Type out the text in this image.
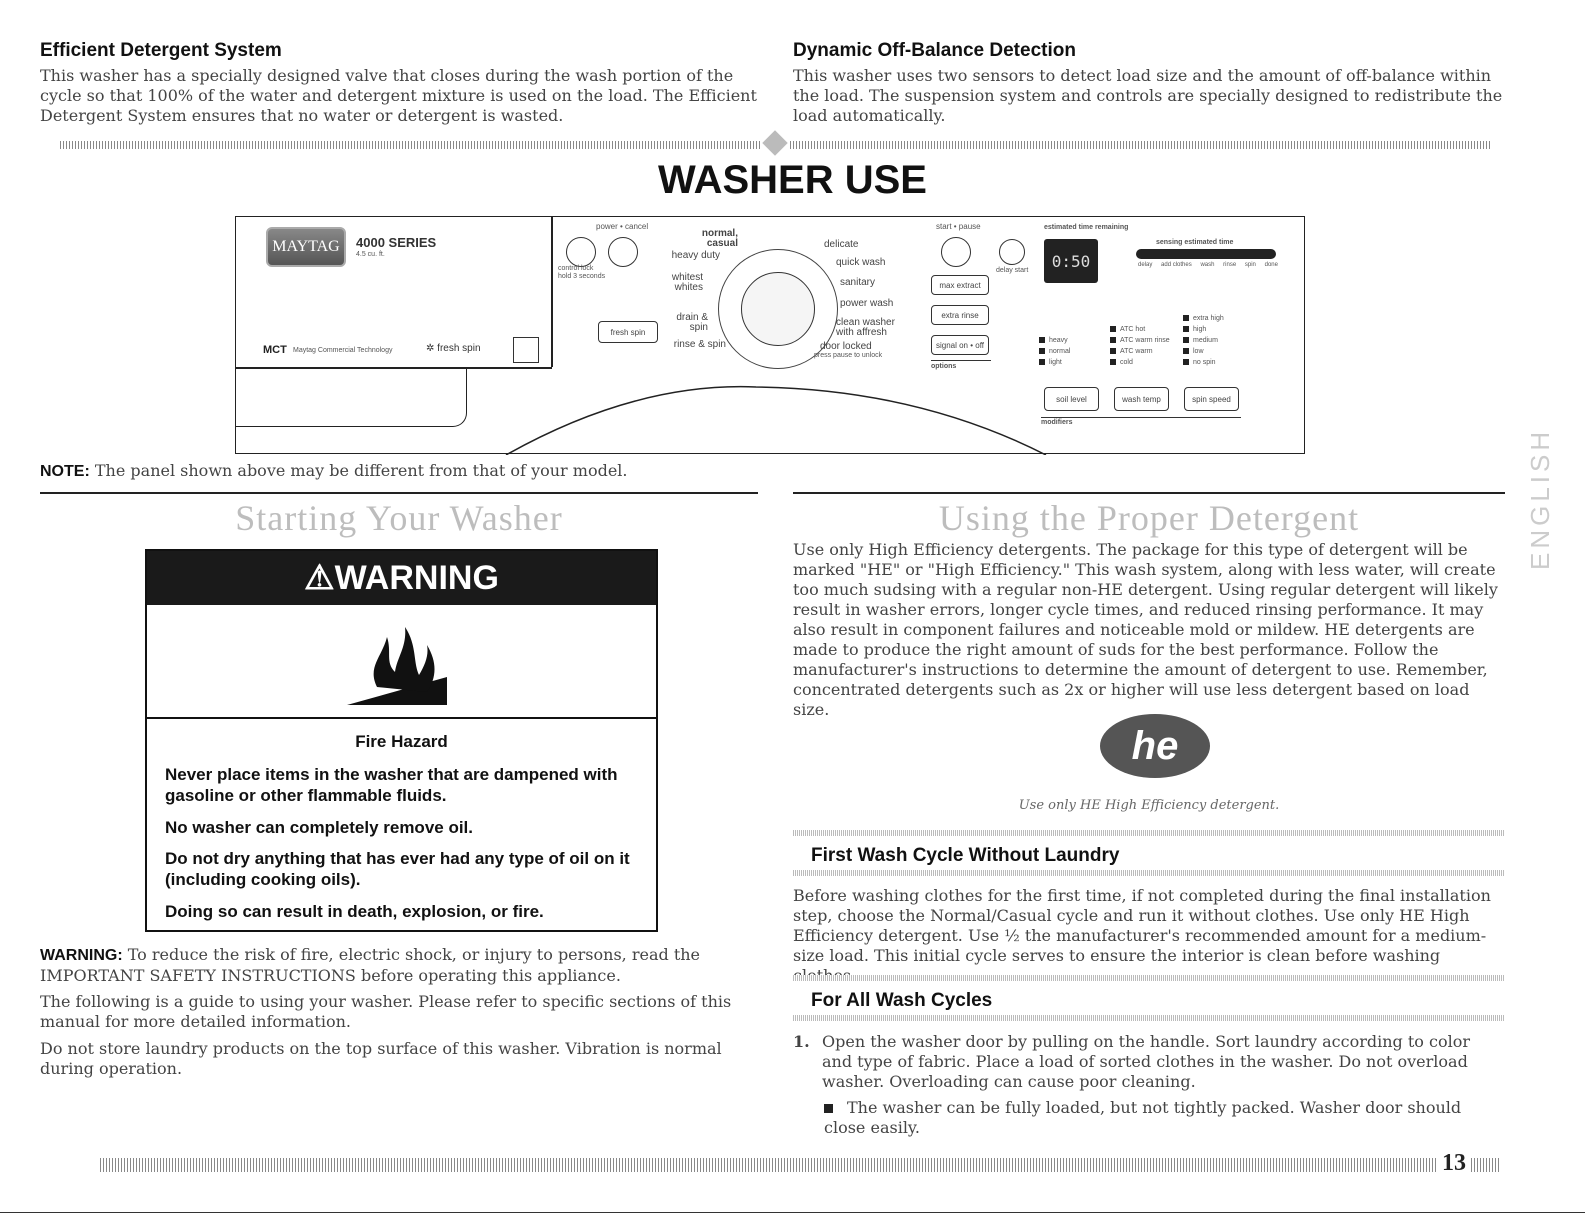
Efficient Detergent System
This washer has a specially designed valve that closes during the wash portion of the cycle so that 100% of the water and detergent mixture is used on the load. The Efficient Detergent System ensures that no water or detergent is wasted.
Dynamic Off-Balance Detection
This washer uses two sensors to detect load size and the amount of off-balance within the load. The suspension system and controls are specially designed to redistribute the load automatically.
WASHER USE
MAYTAG	4000 SERIES
4.5 cu. ft.
MCT Maytag Commercial Technology	✲ fresh spin
power • cancel
control lock
hold 3 seconds
fresh spin
normal, casual
heavy duty
whitest whites
drain & spin
rinse & spin
delicate
quick wash
sanitary
power wash
clean washer with affresh
door locked
press pause to unlock
start • pause
delay start
max extract
extra rinse
signal on • off
options
estimated time remaining
0:50
sensing estimated time
delay add clothes wash rinse spin done
heavy
normal
light
ATC hot
ATC warm rinse
ATC warm
cold
extra high
high
medium
low
no spin
soil level	wash temp	spin speed
modifiers
NOTE: The panel shown above may be different from that of your model.
Starting Your Washer
⚠ WARNING
Fire Hazard
Never place items in the washer that are dampened with gasoline or other flammable fluids.
No washer can completely remove oil.
Do not dry anything that has ever had any type of oil on it (including cooking oils).
Doing so can result in death, explosion, or fire.
WARNING: To reduce the risk of fire, electric shock, or injury to persons, read the IMPORTANT SAFETY INSTRUCTIONS before operating this appliance.
The following is a guide to using your washer. Please refer to specific sections of this manual for more detailed information.
Do not store laundry products on the top surface of this washer. Vibration is normal during operation.
Using the Proper Detergent
Use only High Efficiency detergents. The package for this type of detergent will be marked "HE" or "High Efficiency." This wash system, along with less water, will create too much sudsing with a regular non-HE detergent. Using regular detergent will likely result in washer errors, longer cycle times, and reduced rinsing performance. It may also result in component failures and noticeable mold or mildew. HE detergents are made to produce the right amount of suds for the best performance. Follow the manufacturer's instructions to determine the amount of detergent to use. Remember, concentrated detergents such as 2x or higher will use less detergent based on load size.
he
Use only HE High Efficiency detergent.
First Wash Cycle Without Laundry
Before washing clothes for the first time, if not completed during the final installation step, choose the Normal/Casual cycle and run it without clothes. Use only HE High Efficiency detergent. Use ½ the manufacturer's recommended amount for a medium-size load. This initial cycle serves to ensure the interior is clean before washing
For All Wash Cycles
1. Open the washer door by pulling on the handle. Sort laundry according to color and type of fabric. Place a load of sorted clothes in the washer. Do not overload washer. Overloading can cause poor cleaning.
The washer can be fully loaded, but not tightly packed. Washer door should close easily.
ENGLISH
13
